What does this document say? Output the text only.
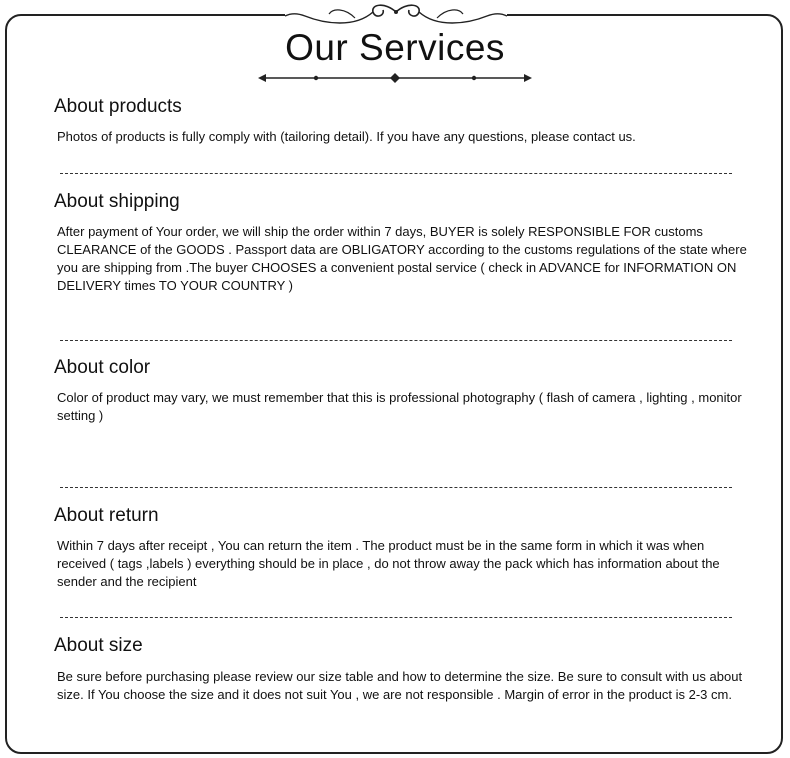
Our Services
About products
Photos of products is fully comply with (tailoring detail). If you have any questions, please contact us.
About shipping
After payment of Your order, we will ship the order within 7 days, BUYER is solely RESPONSIBLE FOR customs CLEARANCE of the GOODS . Passport data are OBLIGATORY according to the customs regulations of the state where you are shipping from .The buyer CHOOSES a convenient postal service ( check in ADVANCE for INFORMATION ON DELIVERY times TO YOUR COUNTRY )
About color
Color of product may vary, we must remember that this is professional photography ( flash of camera , lighting , monitor setting )
About return
Within 7 days after receipt , You can return the item . The product must be in the same form in which it was when received ( tags ,labels ) everything should be in place , do not throw away the pack which has information about the sender and the recipient
About size
Be sure before purchasing please review our size table and how to determine the size. Be sure to consult with us about size. If You choose the size and it does not suit You , we are not responsible . Margin of error in the product is 2-3 cm.
